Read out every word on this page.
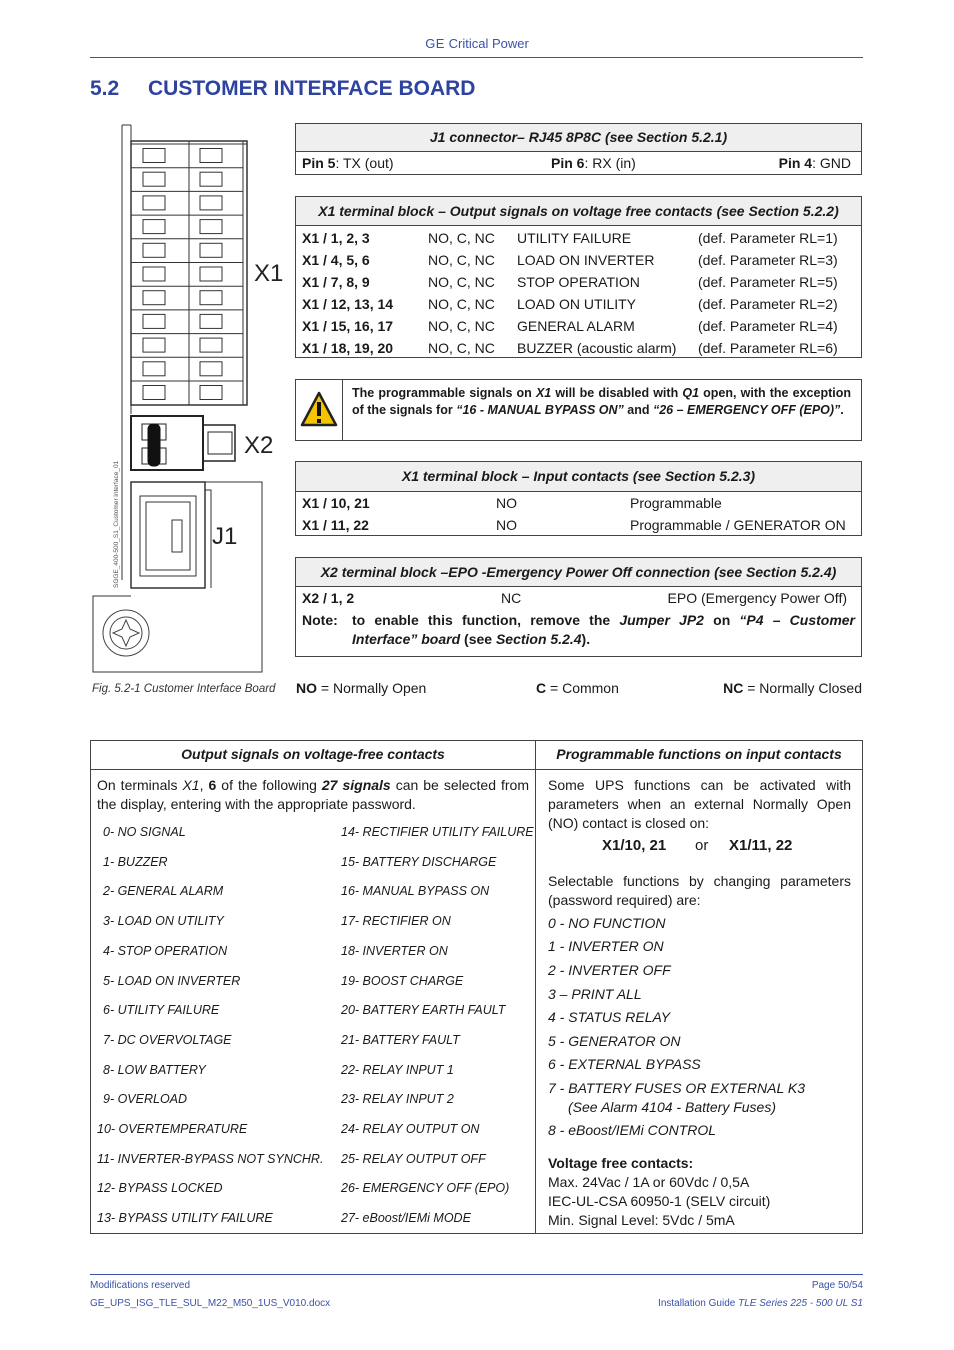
GE Critical Power
5.2 CUSTOMER INTERFACE BOARD
X1
X2
J1
SGGE_400-500_S1_Customer interface_01
Fig. 5.2-1 Customer Interface Board
J1 connector– RJ45 8P8C (see Section 5.2.1)
Pin 5: TX (out)	Pin 6: RX (in)	Pin 4: GND
X1 terminal block – Output signals on voltage free contacts (see Section 5.2.2)
X1 / 1, 2, 3	NO, C, NC UTILITY FAILURE	(def. Parameter RL=1)
X1 / 4, 5, 6	NO, C, NC LOAD ON INVERTER	(def. Parameter RL=3)
X1 / 7, 8, 9	NO, C, NC STOP OPERATION	(def. Parameter RL=5)
X1 / 12, 13, 14 NO, C, NC LOAD ON UTILITY	(def. Parameter RL=2)
X1 / 15, 16, 17 NO, C, NC GENERAL ALARM	(def. Parameter RL=4)
X1 / 18, 19, 20 NO, C, NC BUZZER (acoustic alarm) (def. Parameter RL=6)
The programmable signals on X1 will be disabled with Q1 open, with the exception of the signals for “16 - MANUAL BYPASS ON” and “26 – EMERGENCY OFF (EPO)”.
X1 terminal block – Input contacts (see Section 5.2.3)
X1 / 10, 21	NO	Programmable
X1 / 11, 22	NO	Programmable / GENERATOR ON
X2 terminal block –EPO -Emergency Power Off connection (see Section 5.2.4)
X2 / 1, 2	NC	EPO (Emergency Power Off)
Note: to enable this function, remove the Jumper JP2 on “P4 – Customer Interface” board (see Section 5.2.4).
NO = Normally Open	C = Common	NC = Normally Closed
Output signals on voltage-free contacts	Programmable functions on input contacts
On terminals X1, 6 of the following 27 signals can be selected from the display, entering with the appropriate password.
0- NO SIGNAL
1- BUZZER
2- GENERAL ALARM
3- LOAD ON UTILITY
4- STOP OPERATION
5- LOAD ON INVERTER
6- UTILITY FAILURE
7- DC OVERVOLTAGE
8- LOW BATTERY
9- OVERLOAD
10- OVERTEMPERATURE
11- INVERTER-BYPASS NOT SYNCHR.
12- BYPASS LOCKED
13- BYPASS UTILITY FAILURE
14- RECTIFIER UTILITY FAILURE
15- BATTERY DISCHARGE
16- MANUAL BYPASS ON
17- RECTIFIER ON
18- INVERTER ON
19- BOOST CHARGE
20- BATTERY EARTH FAULT
21- BATTERY FAULT
22- RELAY INPUT 1
23- RELAY INPUT 2
24- RELAY OUTPUT ON
25- RELAY OUTPUT OFF
26- EMERGENCY OFF (EPO)
27- eBoost/IEMi MODE
Some UPS functions can be activated with parameters when an external Normally Open (NO) contact is closed on:
X1/10, 21 or X1/11, 22
Selectable functions by changing parameters (password required) are:
0 - NO FUNCTION
1 - INVERTER ON
2 - INVERTER OFF
3 – PRINT ALL
4 - STATUS RELAY
5 - GENERATOR ON
6 - EXTERNAL BYPASS
7 - BATTERY FUSES OR EXTERNAL K3
(See Alarm 4104 - Battery Fuses)
8 - eBoost/IEMi CONTROL
Voltage free contacts:
Max. 24Vac / 1A or 60Vdc / 0,5A
IEC-UL-CSA 60950-1 (SELV circuit)
Min. Signal Level: 5Vdc / 5mA
Modifications reserved
GE_UPS_ISG_TLE_SUL_M22_M50_1US_V010.docx
Page 50/54
Installation Guide TLE Series 225 - 500 UL S1
